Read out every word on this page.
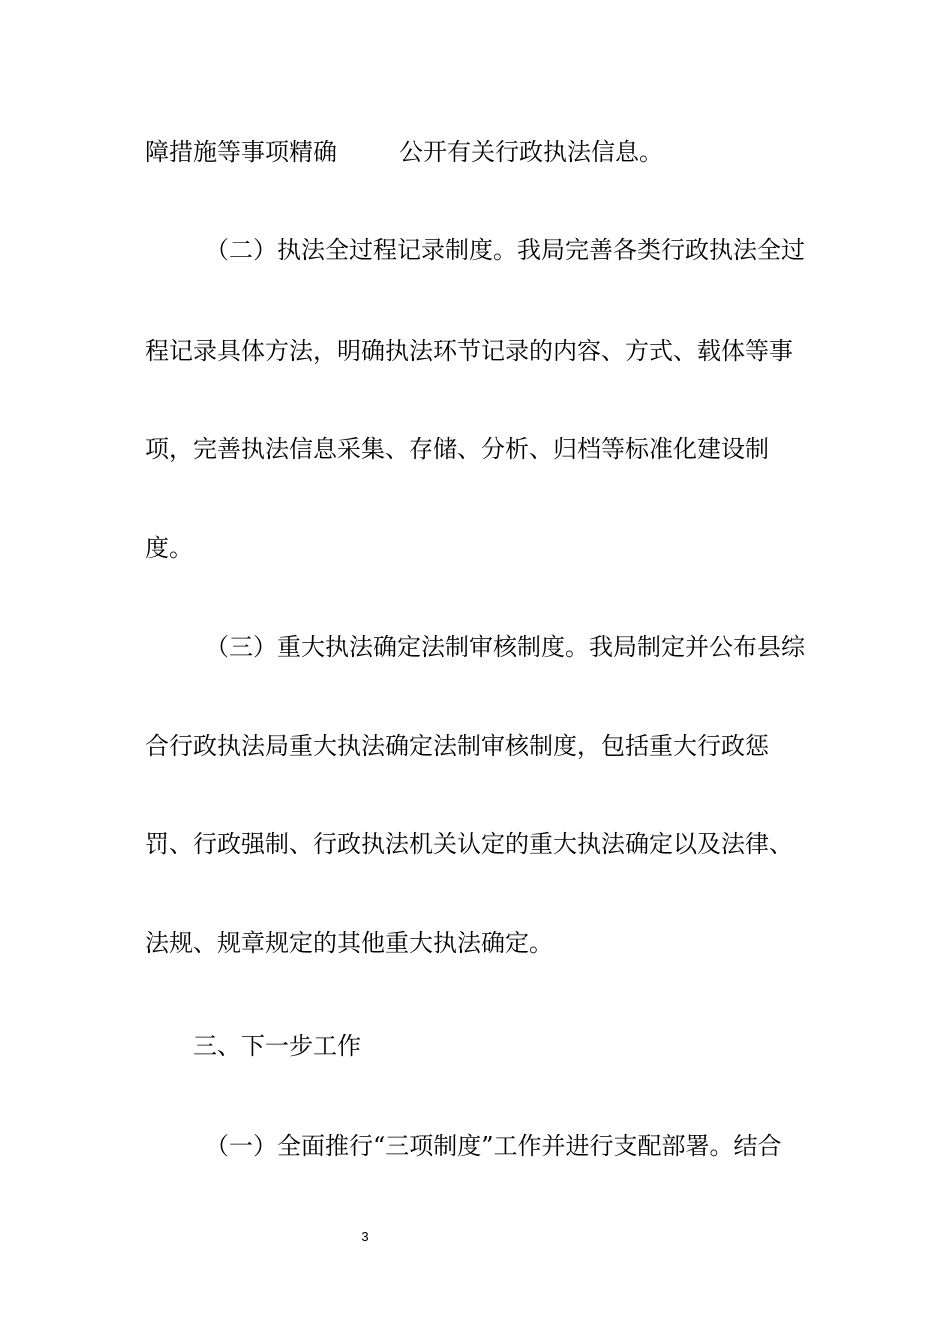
障措施等事项精确	公开有关行政执法信息。
（二）执法全过程记录制度。我局完善各类行政执法全过
程记录具体方法，明确执法环节记录的内容、方式、载体等事
项，完善执法信息采集、存储、分析、归档等标准化建设制
度。
（三）重大执法确定法制审核制度。我局制定并公布县综
合行政执法局重大执法确定法制审核制度，包括重大行政惩
罚、行政强制、行政执法机关认定的重大执法确定以及法律、
法规、规章规定的其他重大执法确定。
三、下一步工作
（一）全面推行“三项制度”工作并进行支配部署。结合
3
